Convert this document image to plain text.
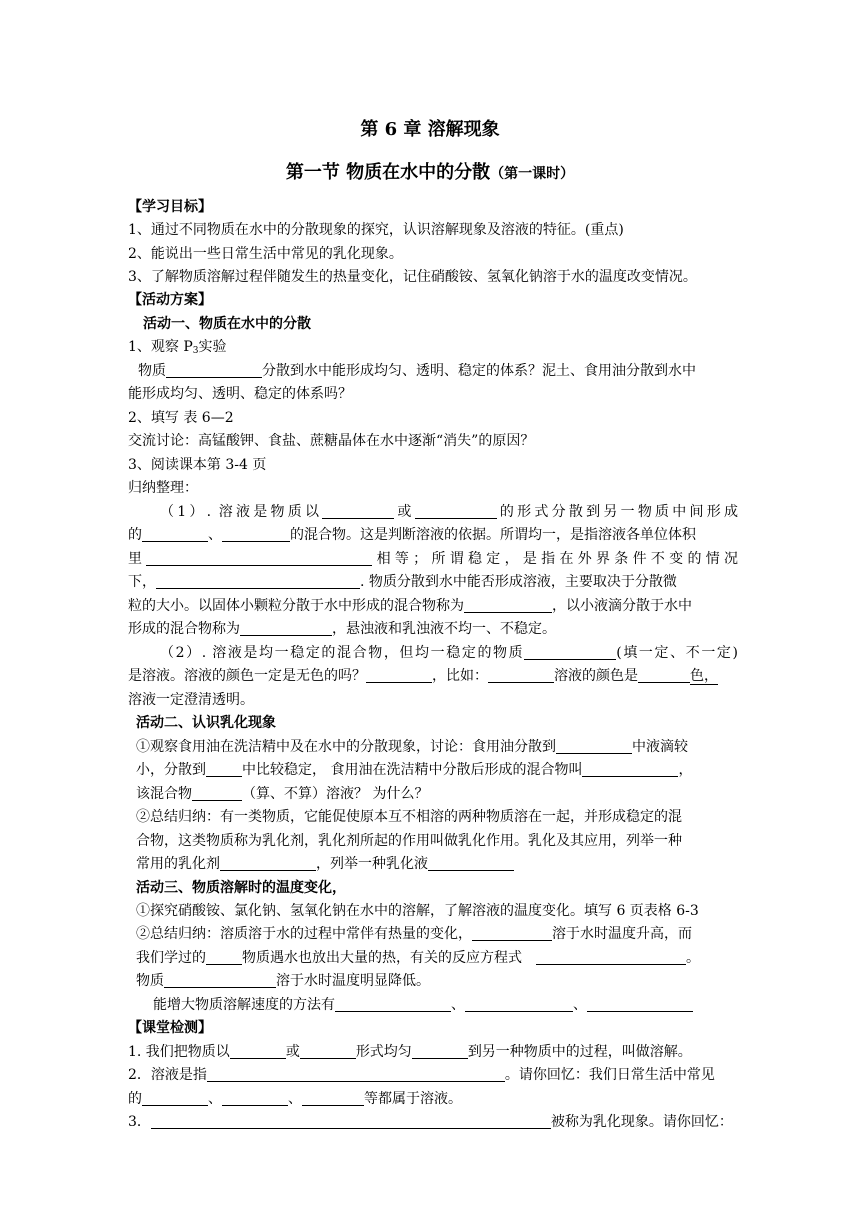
第 6 章 溶解现象
第一节 物质在水中的分散（第一课时）
【学习目标】
1、通过不同物质在水中的分散现象的探究，认识溶解现象及溶液的特征。(重点)
2、能说出一些日常生活中常见的乳化现象。
3、了解物质溶解过程伴随发生的热量变化，记住硝酸铵、氢氧化钠溶于水的温度改变情况。
【活动方案】
活动一、物质在水中的分散
1、观察 $P_3$实验
物质	分散到水中能形成均匀、透明、稳定的体系？泥土、食用油分散到水中
能形成均匀、透明、稳定的体系吗？
2、填写 表 6—2
交流讨论：高锰酸钾、食盐、蔗糖晶体在水中逐渐“消失”的原因？
3、阅读课本第 3-4 页
归纳整理：
（1）. 溶液是物质以	或	的形式分散到另一物质中间形成
的	、	的混合物。这是判断溶液的依据。所谓均一，是指溶液各单位体积
里	相等；所谓稳定，是指在外界条件不变的情况
下，	. 物质分散到水中能否形成溶液，主要取决于分散微
粒的大小。以固体小颗粒分散于水中形成的混合物称为	，以小液滴分散于水中
形成的混合物称为	，悬浊液和乳浊液不均一、不稳定。
（2）. 溶液是均一稳定的混合物，但均一稳定的物质	(填一定、不一定)
是溶液。溶液的颜色一定是无色的吗？	，比如：	溶液的颜色是	色，
溶液一定澄清透明。
活动二、认识乳化现象
①观察食用油在洗洁精中及在水中的分散现象，讨论：食用油分散到	中液滴较
小，分散到	中比较稳定， 食用油在洗洁精中分散后形成的混合物叫	，
该混合物	（算、不算）溶液？ 为什么？
②总结归纳：有一类物质，它能促使原本互不相溶的两种物质溶在一起，并形成稳定的混
合物，这类物质称为乳化剂，乳化剂所起的作用叫做乳化作用。乳化及其应用，列举一种
常用的乳化剂	，列举一种乳化液
活动三、物质溶解时的温度变化，
①探究硝酸铵、氯化钠、氢氧化钠在水中的溶解，了解溶液的温度变化。填写 6 页表格 6-3
②总结归纳：溶质溶于水的过程中常伴有热量的变化，	溶于水时温度升高，而
我们学过的	物质遇水也放出大量的热，有关的反应方程式	。
物质	溶于水时温度明显降低。
能增大物质溶解速度的方法有	、	、
【课堂检测】
1. 我们把物质以	或	形式均匀	到另一种物质中的过程，叫做溶解。
2．溶液是指	。请你回忆：我们日常生活中常见
的	、	、	等都属于溶液。
3．	被称为乳化现象。请你回忆：
